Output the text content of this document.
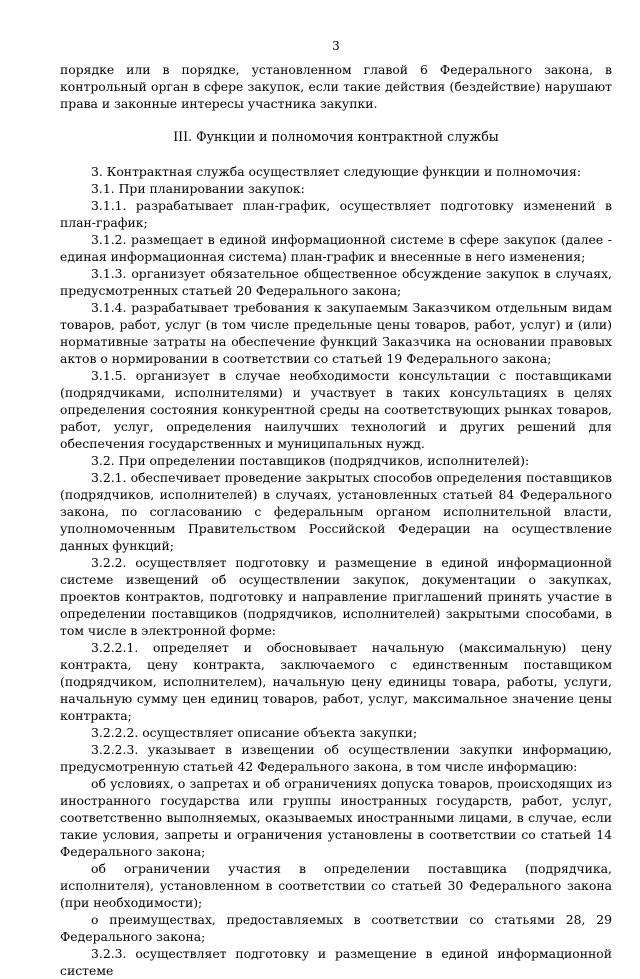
3

порядке или в порядке, установленном главой 6 Федерального закона, в контрольный орган в сфере закупок, если такие действия (бездействие) нарушают права и законные интересы участника закупки.

III. Функции и полномочия контрактной службы

3. Контрактная служба осуществляет следующие функции и полномочия:

3.1. При планировании закупок:

3.1.1. разрабатывает план-график, осуществляет подготовку изменений в план-график;

3.1.2. размещает в единой информационной системе в сфере закупок (далее - единая информационная система) план-график и внесенные в него изменения;

3.1.3. организует обязательное общественное обсуждение закупок в случаях, предусмотренных статьей 20 Федерального закона;

3.1.4. разрабатывает требования к закупаемым Заказчиком отдельным видам товаров, работ, услуг (в том числе предельные цены товаров, работ, услуг) и (или) нормативные затраты на обеспечение функций Заказчика на основании правовых актов о нормировании в соответствии со статьей 19 Федерального закона;

3.1.5. организует в случае необходимости консультации с поставщиками (подрядчиками, исполнителями) и участвует в таких консультациях в целях определения состояния конкурентной среды на соответствующих рынках товаров, работ, услуг, определения наилучших технологий и других решений для обеспечения государственных и муниципальных нужд.

3.2. При определении поставщиков (подрядчиков, исполнителей):

3.2.1. обеспечивает проведение закрытых способов определения поставщиков (подрядчиков, исполнителей) в случаях, установленных статьей 84 Федерального закона, по согласованию с федеральным органом исполнительной власти, уполномоченным Правительством Российской Федерации на осуществление данных функций;

3.2.2. осуществляет подготовку и размещение в единой информационной системе извещений об осуществлении закупок, документации о закупках, проектов контрактов, подготовку и направление приглашений принять участие в определении поставщиков (подрядчиков, исполнителей) закрытыми способами, в том числе в электронной форме:

3.2.2.1. определяет и обосновывает начальную (максимальную) цену контракта, цену контракта, заключаемого с единственным поставщиком (подрядчиком, исполнителем), начальную цену единицы товара, работы, услуги, начальную сумму цен единиц товаров, работ, услуг, максимальное значение цены контракта;

3.2.2.2. осуществляет описание объекта закупки;

3.2.2.3. указывает в извещении об осуществлении закупки информацию, предусмотренную статьей 42 Федерального закона, в том числе информацию:

об условиях, о запретах и об ограничениях допуска товаров, происходящих из иностранного государства или группы иностранных государств, работ, услуг, соответственно выполняемых, оказываемых иностранными лицами, в случае, если такие условия, запреты и ограничения установлены в соответствии со статьей 14 Федерального закона;

об ограничении участия в определении поставщика (подрядчика, исполнителя), установленном в соответствии со статьей 30 Федерального закона (при необходимости);

о преимуществах, предоставляемых в соответствии со статьями 28, 29 Федерального закона;

3.2.3. осуществляет подготовку и размещение в единой информационной системе
